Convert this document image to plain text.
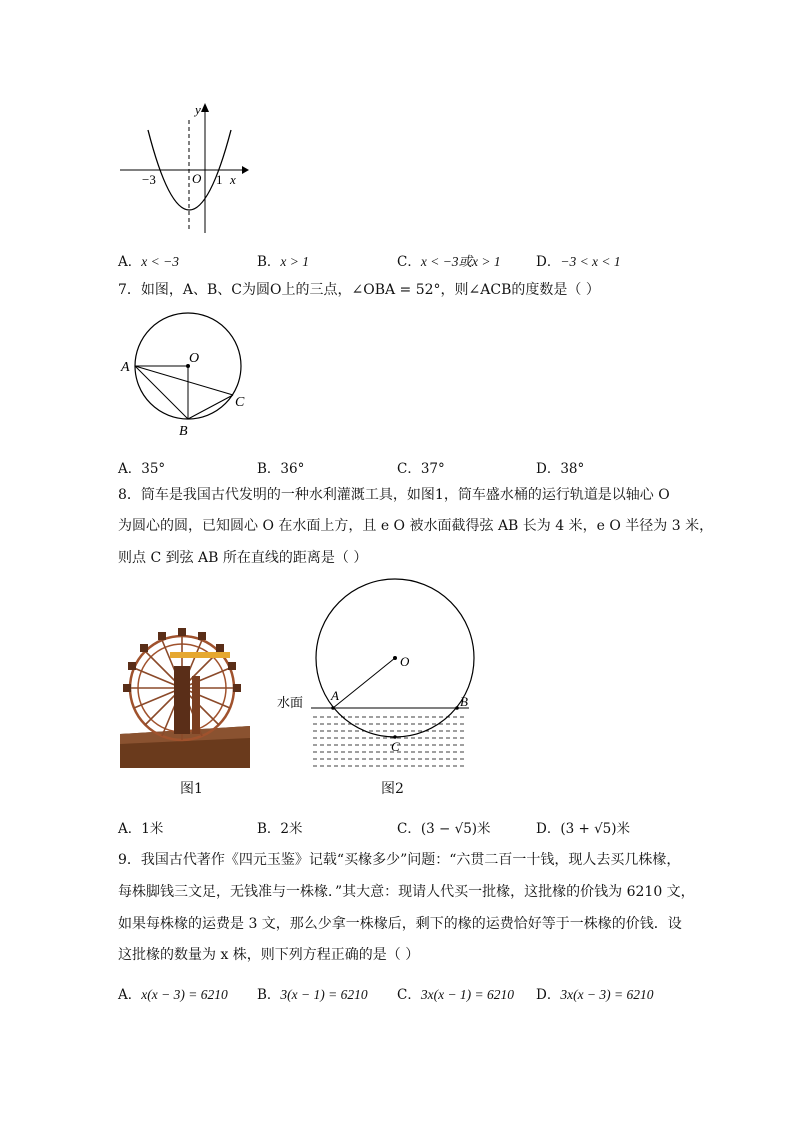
y
x
O
−3	1
A．x < −3	B．x > 1	C．x < −3或x > 1	D．−3 < x < 1
7．如图，A、B、C为圆O上的三点，∠OBA = 52°，则∠ACB的度数是（ ）
A
O
B
C
A．35°	B．36°	C．37°	D．38°
8．筒车是我国古代发明的一种水利灌溉工具，如图1，筒车盛水桶的运行轨道是以轴心 O
为圆心的圆，已知圆心 O 在水面上方，且 e O 被水面截得弦 AB 长为 4 米，e O 半径为 3 米，
则点 C 到弦 AB 所在直线的距离是（ ）
水面
O
A	B
C
图1	图2
A．1米	B．2米	C．(3 − √5)米	D．(3 + √5)米
9．我国古代著作《四元玉鉴》记载“买椽多少”问题：“六贯二百一十钱，现人去买几株椽，
每株脚钱三文足，无钱准与一株椽．”其大意：现请人代买一批椽，这批椽的价钱为 6210 文，
如果每株椽的运费是 3 文，那么少拿一株椽后，剩下的椽的运费恰好等于一株椽的价钱．设
这批椽的数量为 x 株，则下列方程正确的是（ ）
A．x(x − 3) = 6210 B．3(x − 1) = 6210 C．3x(x − 1) = 6210 D．3x(x − 3) = 6210
